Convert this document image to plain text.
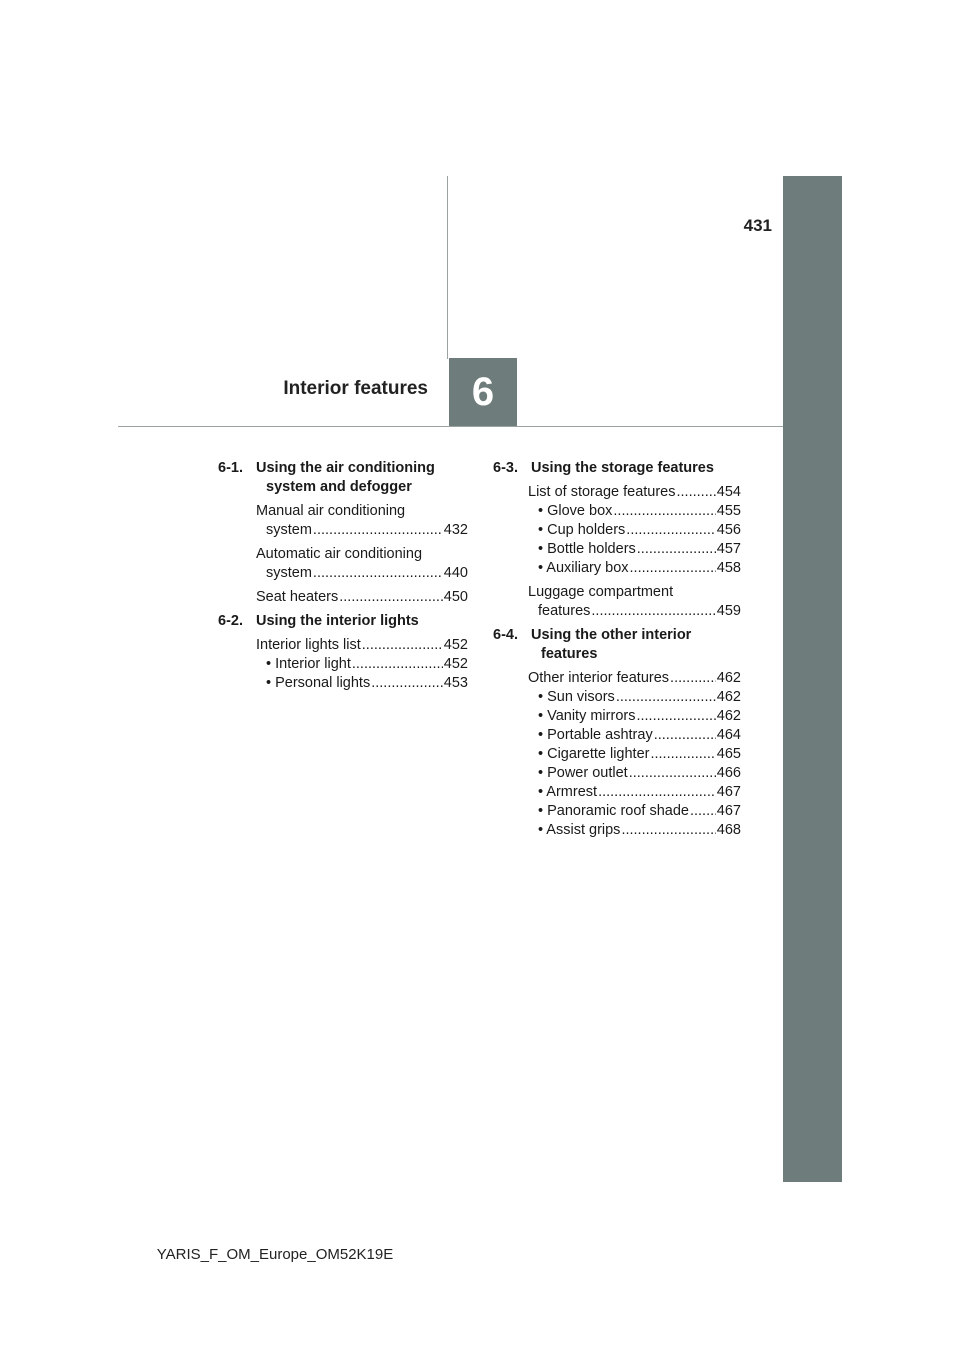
431
Interior features 6
6-1. Using the air conditioning
system and defogger
Manual air conditioning
system .....	432
Automatic air conditioning
system .....	440
Seat heaters .....	450
6-2. Using the interior lights
Interior lights list .....	452
• Interior light .....	452
• Personal lights .....	453
6-3. Using the storage features
List of storage features .....	454
• Glove box .....	455
• Cup holders .....	456
• Bottle holders .....	457
• Auxiliary box .....	458
Luggage compartment
features .....	459
6-4. Using the other interior
features
Other interior features .....	462
• Sun visors .....	462
• Vanity mirrors .....	462
• Portable ashtray .....	464
• Cigarette lighter .....	465
• Power outlet .....	466
• Armrest .....	467
• Panoramic roof shade ..... 467
• Assist grips .....	468
YARIS_F_OM_Europe_OM52K19E
